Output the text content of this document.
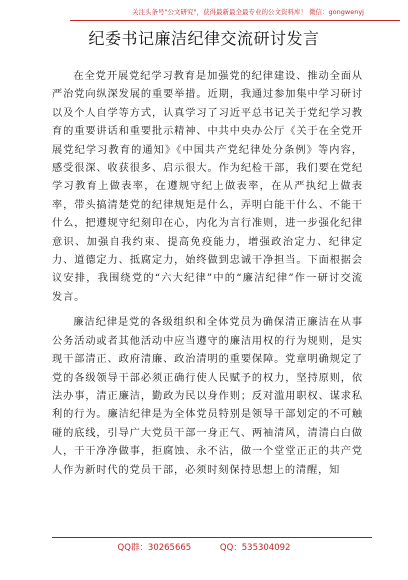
关注头条号"公文研究"，获得最新最全最专业的公文资料库！ 微信：gongwenyj
纪委书记廉洁纪律交流研讨发言

在全党开展党纪学习教育是加强党的纪律建设、推动全面从严治党向纵深发展的重要举措。近期，我通过参加集中学习研讨以及个人自学等方式，认真学习了习近平总书记关于党纪学习教育的重要讲话和重要批示精神、中共中央办公厅《关于在全党开展党纪学习教育的通知》《中国共产党纪律处分条例》等内容，感受很深、收获很多、启示很大。作为纪检干部，我们要在党纪学习教育上做表率，在遵规守纪上做表率，在从严执纪上做表率，带头搞清楚党的纪律规矩是什么，弄明白能干什么、不能干什么，把遵规守纪刻印在心，内化为言行准则，进一步强化纪律意识、加强自我约束、提高免疫能力，增强政治定力、纪律定力、道德定力、抵腐定力，始终做到忠诚干净担当。下面根据会议安排，我围绕党的“六大纪律”中的“廉洁纪律”作一研讨交流发言。

廉洁纪律是党的各级组织和全体党员为确保清正廉洁在从事公务活动或者其他活动中应当遵守的廉洁用权的行为规则，是实现干部清正、政府清廉、政治清明的重要保障。党章明确规定了党的各级领导干部必须正确行使人民赋予的权力，坚持原则，依法办事，清正廉洁，勤政为民以身作则；反对滥用职权、谋求私利的行为。廉洁纪律是为全体党员特别是领导干部划定的不可触碰的底线，引导广大党员干部一身正气、两袖清风，清清白白做人，干干净净做事，拒腐蚀、永不沾，做一个堂堂正正的共产党人作为新时代的党员干部，必须时刻保持思想上的清醒，知

QQ群：30265665	QQ：535304092
